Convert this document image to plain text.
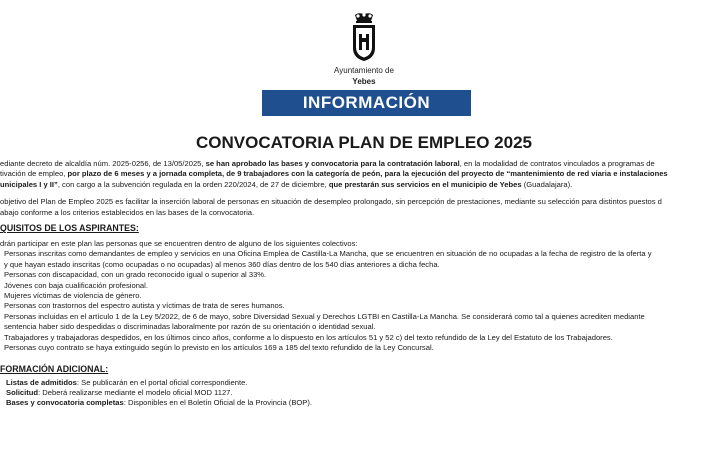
Ayuntamiento de
Yebes
INFORMACIÓN
CONVOCATORIA PLAN DE EMPLEO 2025

ediante decreto de alcaldía núm. 2025-0256, de 13/05/2025, se han aprobado las bases y convocatoria para la contratación laboral, en la modalidad de contratos vinculados a programas de

tivación de empleo, por plazo de 6 meses y a jornada completa, de 9 trabajadores con la categoría de peón, para la ejecución del proyecto de “mantenimiento de red viaria e instalaciones

unicipales I y II”, con cargo a la subvención regulada en la orden 220/2024, de 27 de diciembre, que prestarán sus servicios en el municipio de Yebes (Guadalajara).

objetivo del Plan de Empleo 2025 es facilitar la inserción laboral de personas en situación de desempleo prolongado, sin percepción de prestaciones, mediante su selección para distintos puestos d

abajo conforme a los criterios establecidos en las bases de la convocatoria.

QUISITOS DE LOS ASPIRANTES:

drán participar en este plan las personas que se encuentren dentro de alguno de los siguientes colectivos:

Personas inscritas como demandantes de empleo y servicios en una Oficina Emplea de Castilla-La Mancha, que se encuentren en situación de no ocupadas a la fecha de registro de la oferta y

y que hayan estado inscritas (como ocupadas o no ocupadas) al menos 360 días dentro de los 540 días anteriores a dicha fecha.

Personas con discapacidad, con un grado reconocido igual o superior al 33%.

Jóvenes con baja cualificación profesional.

Mujeres víctimas de violencia de género.

Personas con trastornos del espectro autista y víctimas de trata de seres humanos.

Personas incluidas en el artículo 1 de la Ley 5/2022, de 6 de mayo, sobre Diversidad Sexual y Derechos LGTBI en Castilla-La Mancha. Se considerará como tal a quienes acrediten mediante

sentencia haber sido despedidas o discriminadas laboralmente por razón de su orientación o identidad sexual.

Trabajadores y trabajadoras despedidos, en los últimos cinco años, conforme a lo dispuesto en los artículos 51 y 52 c) del texto refundido de la Ley del Estatuto de los Trabajadores.

Personas cuyo contrato se haya extinguido según lo previsto en los artículos 169 a 185 del texto refundido de la Ley Concursal.

FORMACIÓN ADICIONAL:

Listas de admitidos: Se publicarán en el portal oficial correspondiente.

Solicitud: Deberá realizarse mediante el modelo oficial MOD 1127.

Bases y convocatoria completas: Disponibles en el Boletín Oficial de la Provincia (BOP).
